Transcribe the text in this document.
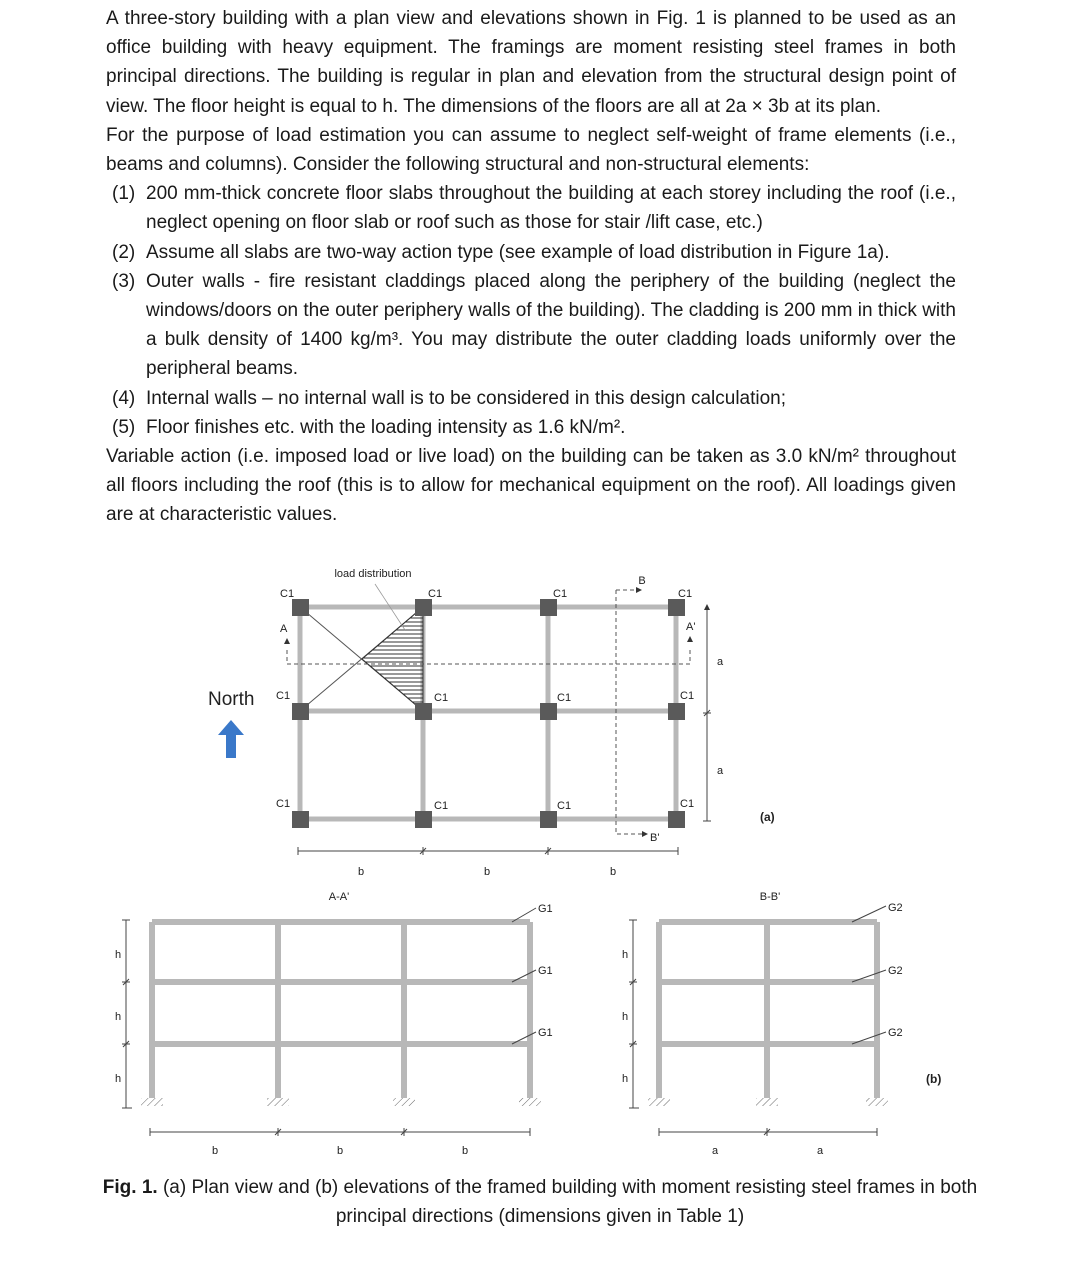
A three-story building with a plan view and elevations shown in Fig. 1 is planned to be used as an office building with heavy equipment. The framings are moment resisting steel frames in both principal directions. The building is regular in plan and elevation from the structural design point of view. The floor height is equal to h. The dimensions of the floors are all at 2a × 3b at its plan.

For the purpose of load estimation you can assume to neglect self-weight of frame elements (i.e., beams and columns). Consider the following structural and non-structural elements:

(1) 200 mm-thick concrete floor slabs throughout the building at each storey including the roof (i.e., neglect opening on floor slab or roof such as those for stair /lift case, etc.)
(2) Assume all slabs are two-way action type (see example of load distribution in Figure 1a).
(3) Outer walls - fire resistant claddings placed along the periphery of the building (neglect the windows/doors on the outer periphery walls of the building). The cladding is 200 mm in thick with a bulk density of 1400 kg/m³. You may distribute the outer cladding loads uniformly over the peripheral beams.
(4) Internal walls – no internal wall is to be considered in this design calculation;
(5) Floor finishes etc. with the loading intensity as 1.6 kN/m².

Variable action (i.e. imposed load or live load) on the building can be taken as 3.0 kN/m² throughout all floors including the roof (this is to allow for mechanical equipment on the roof). All loadings given are at characteristic values.

load distribution
A	A'
B
B'
C1	C1	C1	C1
C1	C1	C1	C1
C1	C1	C1	C1
North
a
a
(a)
b	b	b
A-A'
G1
G1
G1
h
h
h
b	b	b
B-B'
G2
G2
G2
(b)
h
h
h
a	a
Fig. 1. (a) Plan view and (b) elevations of the framed building with moment resisting steel frames in both principal directions (dimensions given in Table 1)
